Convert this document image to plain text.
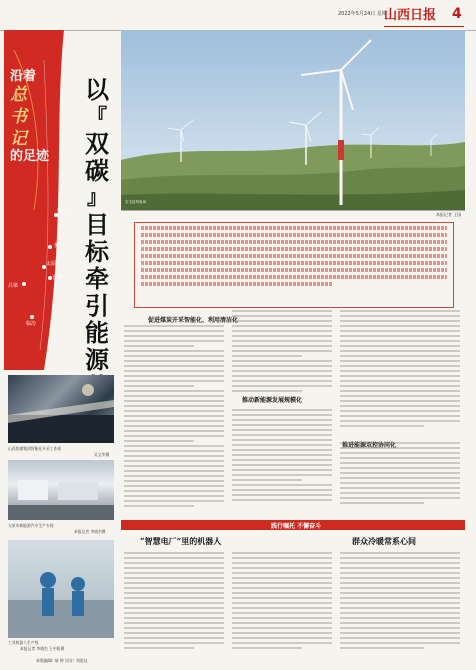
2022年5月24日 星期二
山西日报 4
沿着
总
书
记
的足迹
大同
忻州
太原
晋中
吕梁
临汾
右玉县风电场
本报记者 王国
以
『
双
碳
』
目
标
牵
引
能
源
促进煤炭开采智能化、利用清洁化
推动新能源发展规模化
推进能源双控协同化
山西焦煤集团智能化开采工作面
吴文华摄
太原市新能源汽车生产车间
本报记者 李晓杰摄
工业机器人生产线
本报记者 李晓杰 王中阳摄
践行嘱托 不懈奋斗
“智慧电厂”里的机器人	群众冷暖常系心间
本版编辑: 郝 婷 设计: 刘思仪
